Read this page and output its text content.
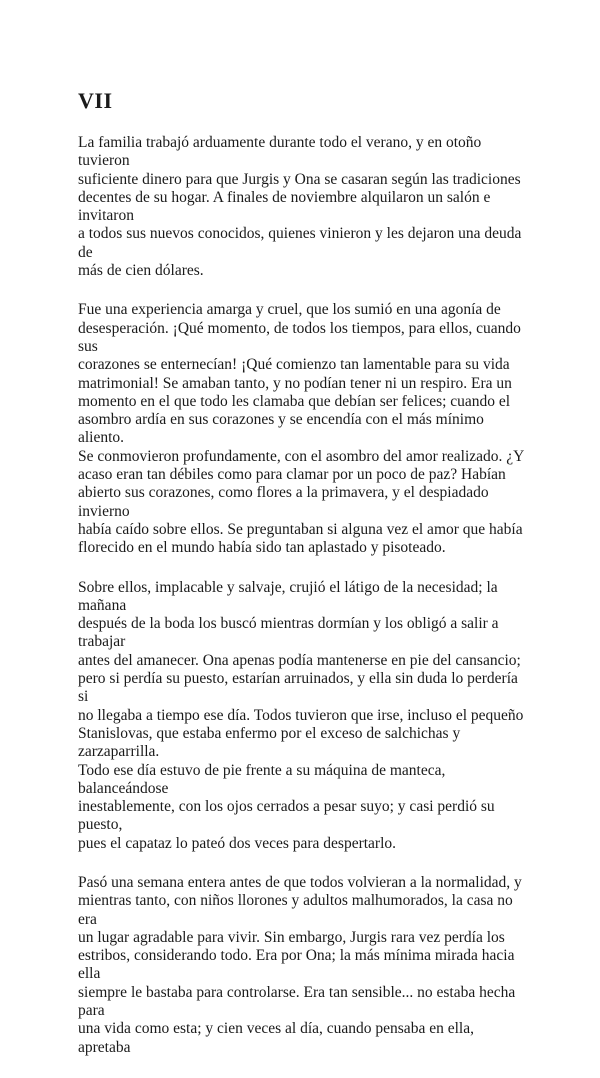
VII

La familia trabajó arduamente durante todo el verano, y en otoño tuvieron
suficiente dinero para que Jurgis y Ona se casaran según las tradiciones
decentes de su hogar. A finales de noviembre alquilaron un salón e invitaron
a todos sus nuevos conocidos, quienes vinieron y les dejaron una deuda de
más de cien dólares.

Fue una experiencia amarga y cruel, que los sumió en una agonía de
desesperación. ¡Qué momento, de todos los tiempos, para ellos, cuando sus
corazones se enternecían! ¡Qué comienzo tan lamentable para su vida
matrimonial! Se amaban tanto, y no podían tener ni un respiro. Era un
momento en el que todo les clamaba que debían ser felices; cuando el
asombro ardía en sus corazones y se encendía con el más mínimo aliento.
Se conmovieron profundamente, con el asombro del amor realizado. ¿Y
acaso eran tan débiles como para clamar por un poco de paz? Habían
abierto sus corazones, como flores a la primavera, y el despiadado invierno
había caído sobre ellos. Se preguntaban si alguna vez el amor que había
florecido en el mundo había sido tan aplastado y pisoteado.

Sobre ellos, implacable y salvaje, crujió el látigo de la necesidad; la mañana
después de la boda los buscó mientras dormían y los obligó a salir a trabajar
antes del amanecer. Ona apenas podía mantenerse en pie del cansancio;
pero si perdía su puesto, estarían arruinados, y ella sin duda lo perdería si
no llegaba a tiempo ese día. Todos tuvieron que irse, incluso el pequeño
Stanislovas, que estaba enfermo por el exceso de salchichas y zarzaparrilla.
Todo ese día estuvo de pie frente a su máquina de manteca, balanceándose
inestablemente, con los ojos cerrados a pesar suyo; y casi perdió su puesto,
pues el capataz lo pateó dos veces para despertarlo.

Pasó una semana entera antes de que todos volvieran a la normalidad, y
mientras tanto, con niños llorones y adultos malhumorados, la casa no era
un lugar agradable para vivir. Sin embargo, Jurgis rara vez perdía los
estribos, considerando todo. Era por Ona; la más mínima mirada hacia ella
siempre le bastaba para controlarse. Era tan sensible... no estaba hecha para
una vida como esta; y cien veces al día, cuando pensaba en ella, apretaba
